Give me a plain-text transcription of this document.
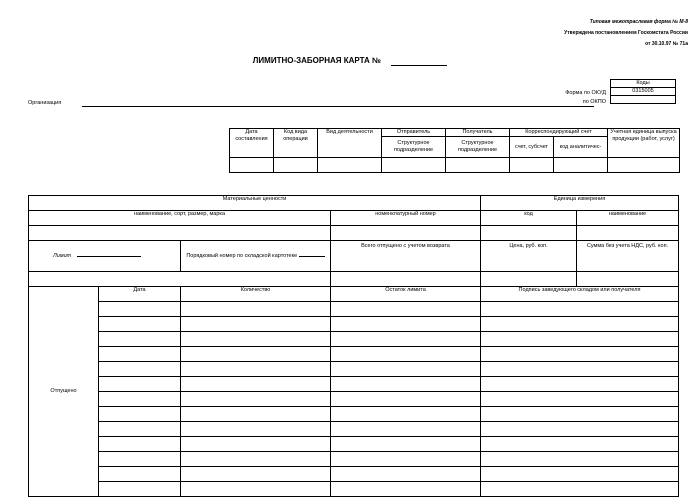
Типовая межотраслевая форма № М-8
Утверждена постановлением Госкомстата России
от 30.10.97 № 71а
ЛИМИТНО-ЗАБОРНАЯ КАРТА №
Форма по ОКУД
по ОКПО
Коды
0315005

Организация
Дата составления	Код вида операции	Вид деятельности	Отправитель	Получатель	Корреспондирующий счет		Учетная единица выпуска продукции (работ, услуг)
			Структурное подразделение	Структурное подразделение	счет, субсчет	код аналитичес-	

Материальные ценности				Единица измерения	
наименование, сорт, размер, марка			номенклатурный номер	код	наименование

Лимит		Порядковый номер по складской картотеке	Всего отпущено с учетом возврата	Цена, руб. коп.	Сумма без учета НДС, руб. коп.

Отпущено	Дата	Количество	Остаток лимита	Подпись заведующего складом или получателя	
